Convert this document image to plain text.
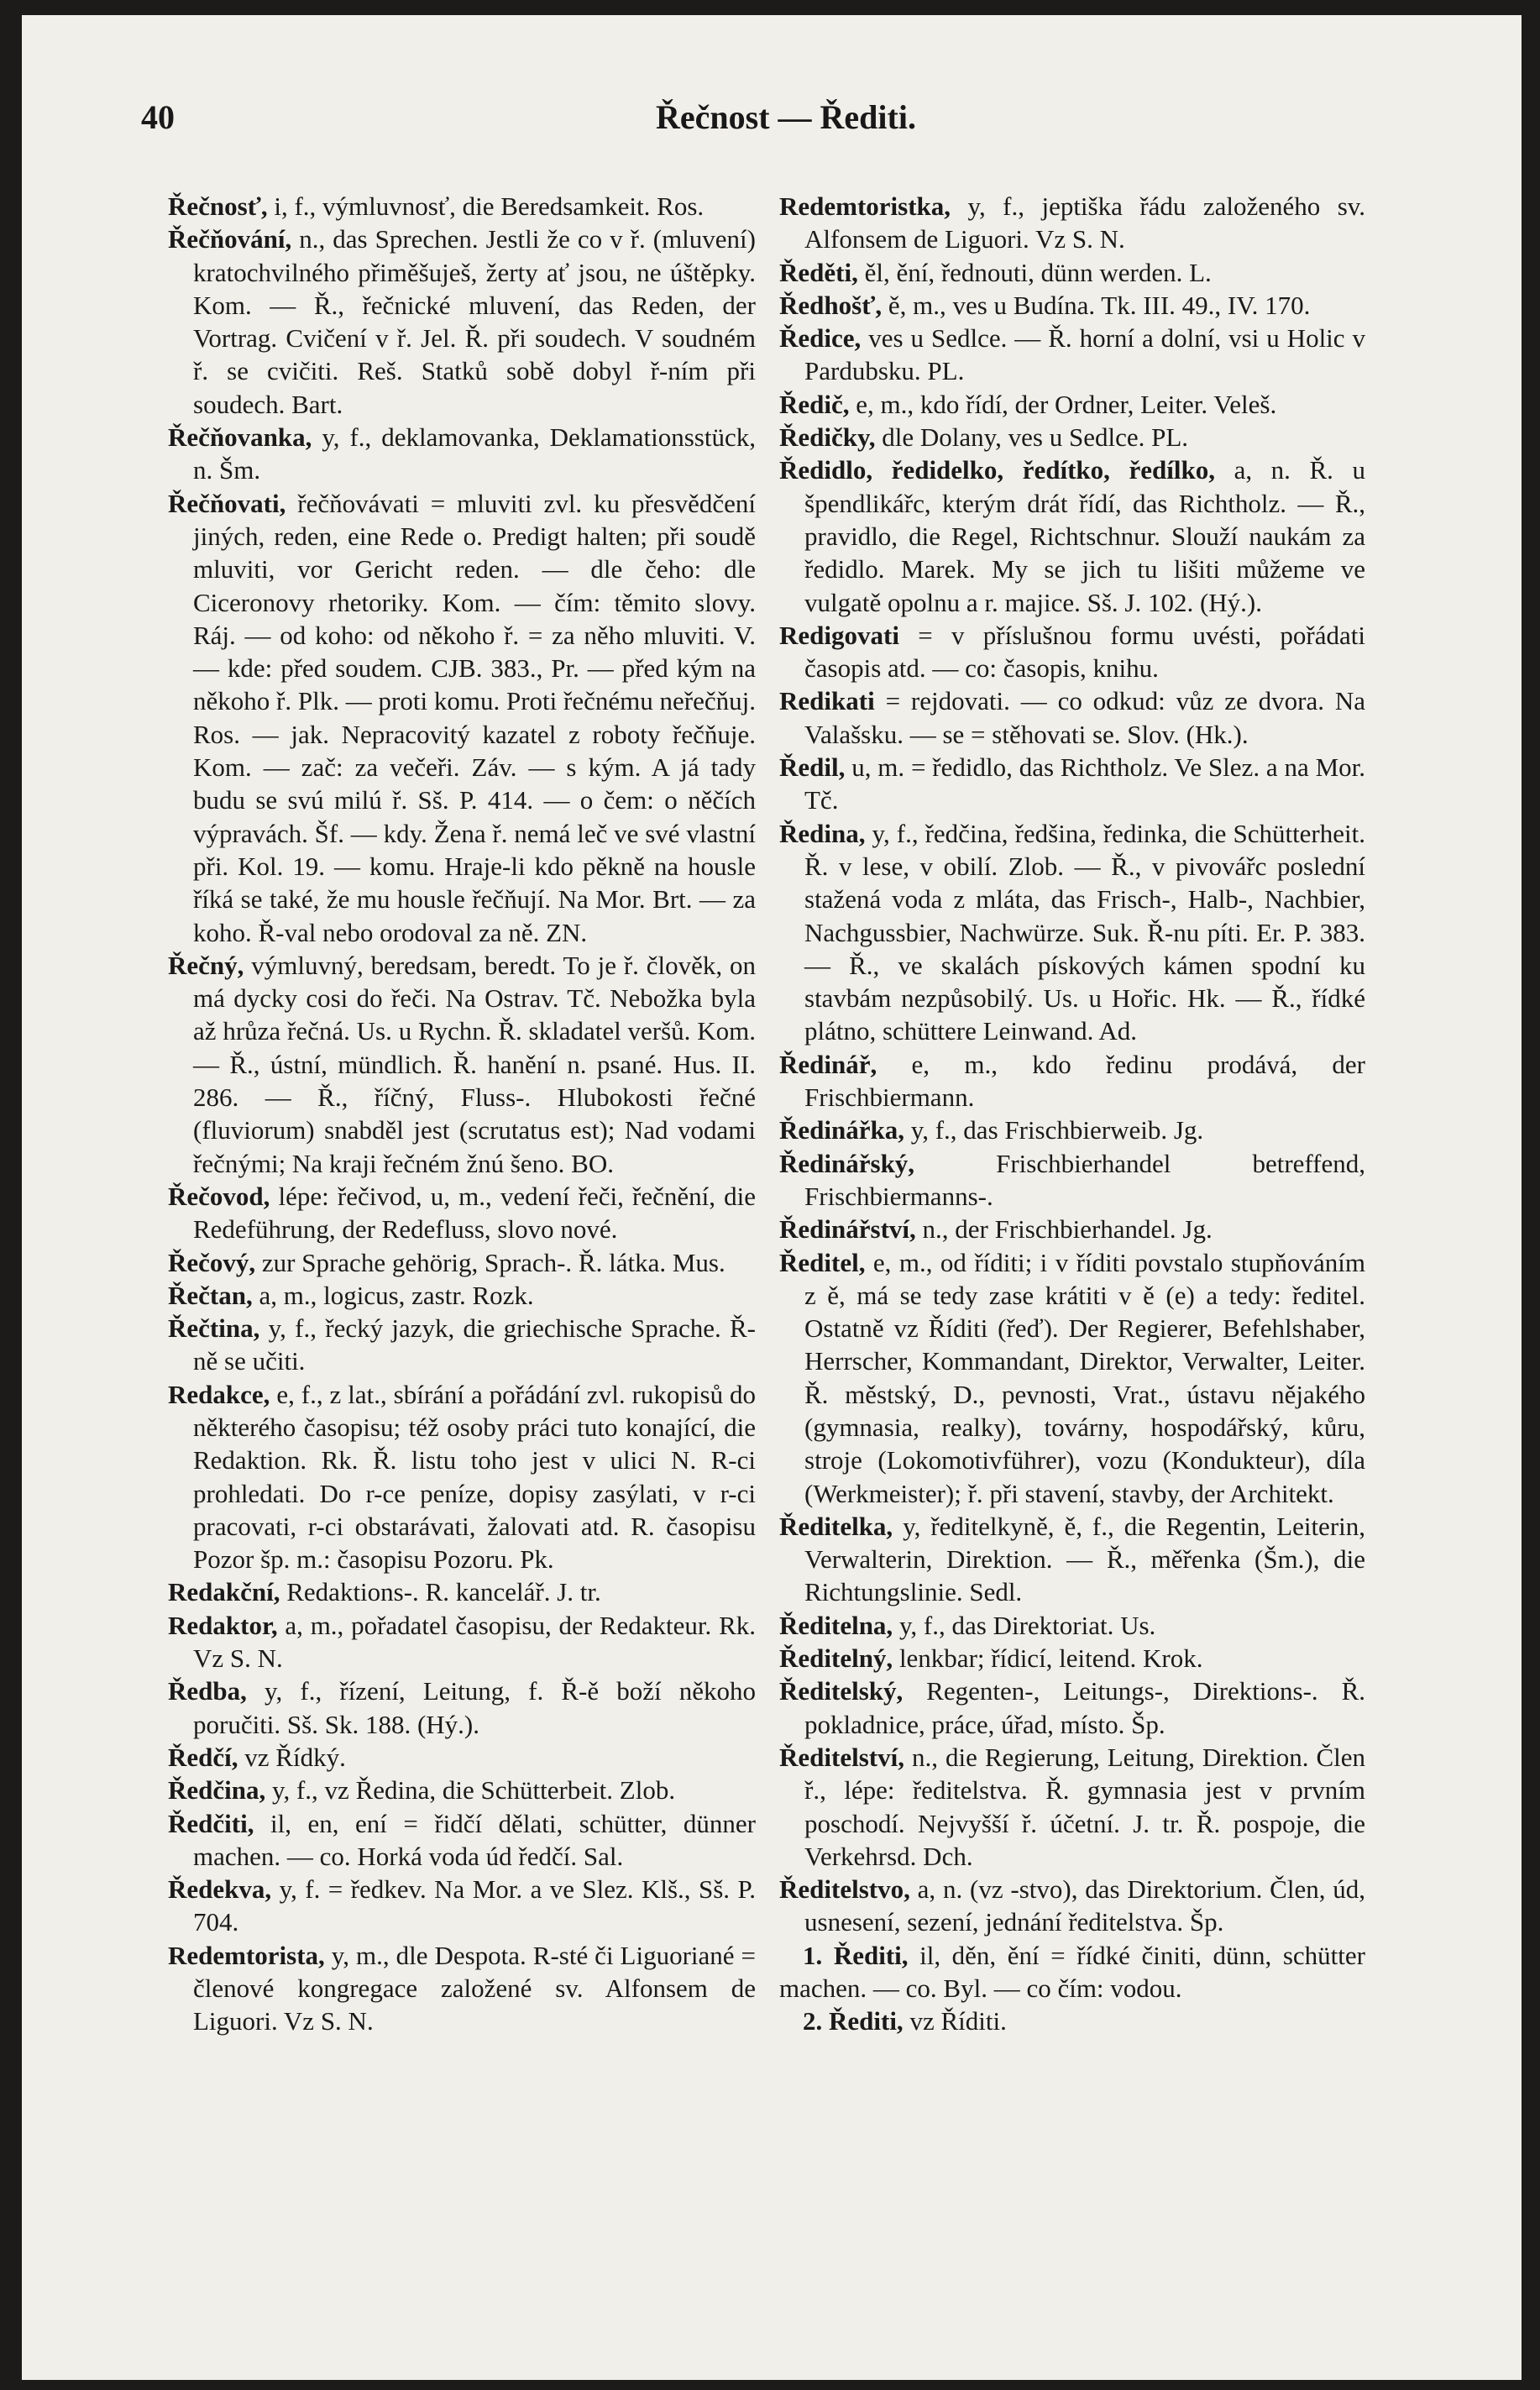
40	Řečnost — Řediti.

Řečnosť, i, f., výmluvnosť, die Beredsamkeit. Ros.

Řečňování, n., das Sprechen. Jestli že co v ř. (mluvení) kratochvilného přiměšuješ, žerty ať jsou, ne úštěpky. Kom. — Ř., řečnické mluvení, das Reden, der Vortrag. Cvičení v ř. Jel. Ř. při soudech. V soudném ř. se cvičiti. Reš. Statků sobě dobyl ř-ním při soudech. Bart.

Řečňovanka, y, f., deklamovanka, Deklamationsstück, n. Šm.

Řečňovati, řečňovávati = mluviti zvl. ku přesvědčení jiných, reden, eine Rede o. Predigt halten; při soudě mluviti, vor Gericht reden. — dle čeho: dle Ciceronovy rhetoriky. Kom. — čím: těmito slovy. Ráj. — od koho: od někoho ř. = za něho mluviti. V. — kde: před soudem. CJB. 383., Pr. — před kým na někoho ř. Plk. — proti komu. Proti řečnému neřečňuj. Ros. — jak. Nepracovitý kazatel z roboty řečňuje. Kom. — zač: za večeři. Záv. — s kým. A já tady budu se svú milú ř. Sš. P. 414. — o čem: o něčích výpravách. Šf. — kdy. Žena ř. nemá leč ve své vlastní při. Kol. 19. — komu. Hraje-li kdo pěkně na housle říká se také, že mu housle řečňují. Na Mor. Brt. — za koho. Ř-val nebo orodoval za ně. ZN.

Řečný, výmluvný, beredsam, beredt. To je ř. člověk, on má dycky cosi do řeči. Na Ostrav. Tč. Nebožka byla až hrůza řečná. Us. u Rychn. Ř. skladatel veršů. Kom. — Ř., ústní, mündlich. Ř. hanění n. psané. Hus. II. 286. — Ř., říčný, Fluss-. Hlubokosti řečné (fluviorum) snabděl jest (scrutatus est); Nad vodami řečnými; Na kraji řečném žnú šeno. BO.

Řečovod, lépe: řečivod, u, m., vedení řeči, řečnění, die Redeführung, der Redefluss, slovo nové.

Řečový, zur Sprache gehörig, Sprach-. Ř. látka. Mus.

Řečtan, a, m., logicus, zastr. Rozk.

Řečtina, y, f., řecký jazyk, die griechische Sprache. Ř-ně se učiti.

Redakce, e, f., z lat., sbírání a pořádání zvl. rukopisů do některého časopisu; též osoby práci tuto konající, die Redaktion. Rk. Ř. listu toho jest v ulici N. R-ci prohledati. Do r-ce peníze, dopisy zasýlati, v r-ci pracovati, r-ci obstarávati, žalovati atd. R. časopisu Pozor šp. m.: časopisu Pozoru. Pk.

Redakční, Redaktions-. R. kancelář. J. tr.

Redaktor, a, m., pořadatel časopisu, der Redakteur. Rk. Vz S. N.

Ředba, y, f., řízení, Leitung, f. Ř-ě boží někoho poručiti. Sš. Sk. 188. (Hý.).

Ředčí, vz Řídký.

Ředčina, y, f., vz Ředina, die Schütterbeit. Zlob.

Ředčiti, il, en, ení = řidčí dělati, schütter, dünner machen. — co. Horká voda úd ředčí. Sal.

Ředekva, y, f. = ředkev. Na Mor. a ve Slez. Klš., Sš. P. 704.

Redemtorista, y, m., dle Despota. R-sté či Liguoriané = členové kongregace založené sv. Alfonsem de Liguori. Vz S. N.

Redemtoristka, y, f., jeptiška řádu založeného sv. Alfonsem de Liguori. Vz S. N.

Ředěti, ěl, ění, řednouti, dünn werden. L.

Ředhošť, ě, m., ves u Budína. Tk. III. 49., IV. 170.

Ředice, ves u Sedlce. — Ř. horní a dolní, vsi u Holic v Pardubsku. PL.

Ředič, e, m., kdo řídí, der Ordner, Leiter. Veleš.

Ředičky, dle Dolany, ves u Sedlce. PL.

Ředidlo, ředidelko, ředítko, ředílko, a, n. Ř. u špendlikářc, kterým drát řídí, das Richtholz. — Ř., pravidlo, die Regel, Richtschnur. Slouží naukám za ředidlo. Marek. My se jich tu lišiti můžeme ve vulgatě opolnu a r. majice. Sš. J. 102. (Hý.).

Redigovati = v příslušnou formu uvésti, pořádati časopis atd. — co: časopis, knihu.

Redikati = rejdovati. — co odkud: vůz ze dvora. Na Valašsku. — se = stěhovati se. Slov. (Hk.).

Ředil, u, m. = ředidlo, das Richtholz. Ve Slez. a na Mor. Tč.

Ředina, y, f., ředčina, ředšina, ředinka, die Schütterheit. Ř. v lese, v obilí. Zlob. — Ř., v pivovářc poslední stažená voda z mláta, das Frisch-, Halb-, Nachbier, Nachgussbier, Nachwürze. Suk. Ř-nu píti. Er. P. 383. — Ř., ve skalách pískových kámen spodní ku stavbám nezpůsobilý. Us. u Hořic. Hk. — Ř., řídké plátno, schüttere Leinwand. Ad.

Ředinář, e, m., kdo ředinu prodává, der Frischbiermann.

Ředinářka, y, f., das Frischbierweib. Jg.

Ředinářský,	Frischbierhandel betreffend, Frischbiermanns-.

Ředinářství, n., der Frischbierhandel. Jg.

Ředitel, e, m., od říditi; i v říditi povstalo stupňováním z ě, má se tedy zase krátiti v ě (e) a tedy: ředitel. Ostatně vz Říditi (řeď). Der Regierer, Befehlshaber, Herrscher, Kommandant, Direktor, Verwalter, Leiter. Ř. městský, D., pevnosti, Vrat., ústavu nějakého (gymnasia, realky), továrny, hospodářský, kůru, stroje (Lokomotivführer), vozu (Kondukteur), díla (Werkmeister); ř. při stavení, stavby, der Architekt.

Ředitelka, y, ředitelkyně, ě, f., die Regentin, Leiterin, Verwalterin, Direktion. — Ř., měřenka (Šm.), die Richtungslinie. Sedl.

Ředitelna, y, f., das Direktoriat. Us.

Ředitelný, lenkbar; řídicí, leitend. Krok.

Ředitelský, Regenten-, Leitungs-, Direktions-. Ř. pokladnice, práce, úřad, místo. Šp.

Ředitelství, n., die Regierung, Leitung, Direktion. Člen ř., lépe: ředitelstva. Ř. gymnasia jest v prvním poschodí. Nejvyšší ř. účetní. J. tr. Ř. pospoje, die Verkehrsd. Dch.

Ředitelstvo, a, n. (vz -stvo), das Direktorium. Člen, úd, usnesení, sezení, jednání ředitelstva. Šp.

1. Řediti, il, děn, ění = řídké činiti, dünn, schütter machen. — co. Byl. — co čím: vodou.

2. Řediti, vz Říditi.
